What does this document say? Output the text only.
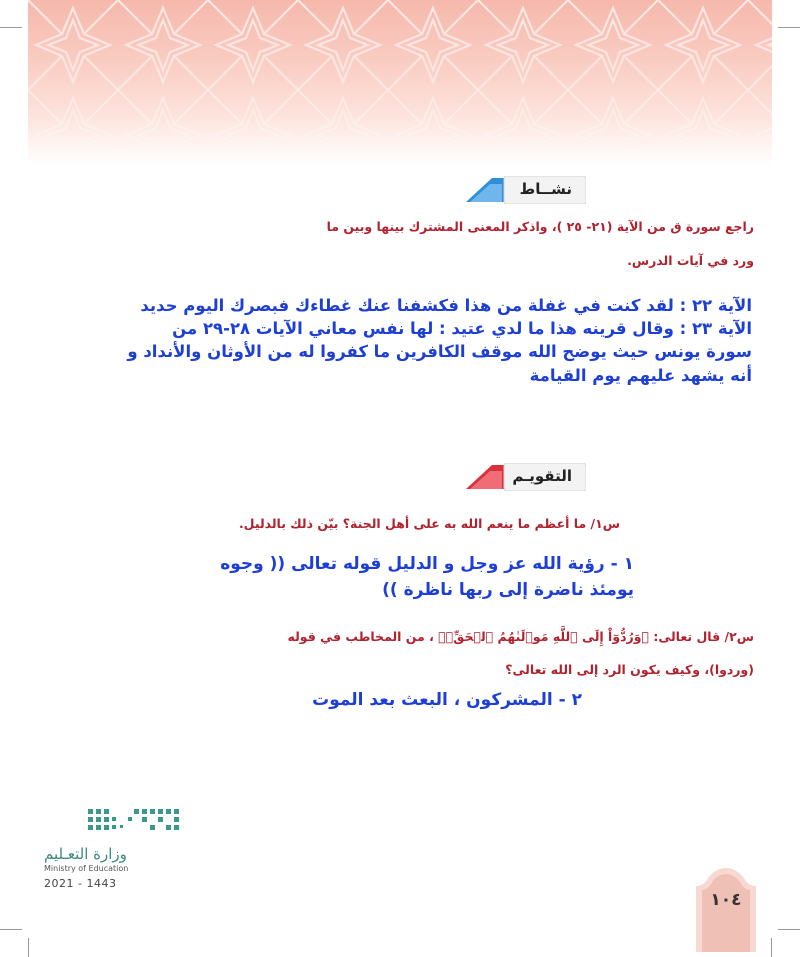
نشــاط
راجع سورة ق من الآية (٢١- ٢٥ )، واذكر المعنى المشترك بينها وبين ما
ورد في آيات الدرس.
الآية ٢٢ : لقد كنت في غفلة من هذا فكشفنا عنك غطاءك فبصرك اليوم حديد
الآية ٢٣ : وقال قرينه هذا ما لدي عتيد : لها نفس معاني الآيات ٢٨-٢٩ من
سورة يونس حيث يوضح الله موقف الكافرين ما كفروا له من الأوثان والأنداد و
أنه يشهد عليهم يوم القيامة
التقويـم
س١/ ما أعظم ما ينعم الله به على أهل الجنة؟ بيّن ذلك بالدليل.
١ - رؤية الله عز وجل و الدليل قوله تعالى (( وجوه
يومئذ ناضرة إلى ربها ناظرة ))
س٢/ قال تعالى: ﴿وَرُدُّوٓاْ إِلَى ٱللَّهِ مَوۡلَىٰهُمُ ٱلۡحَقِّۖ﴾ ، من المخاطب في قوله
(وردوا)، وكيف يكون الرد إلى الله تعالى؟
٢ - المشركون ، البعث بعد الموت
وزارة التعـليم
Ministry of Education
2021 - 1443
١٠٤
